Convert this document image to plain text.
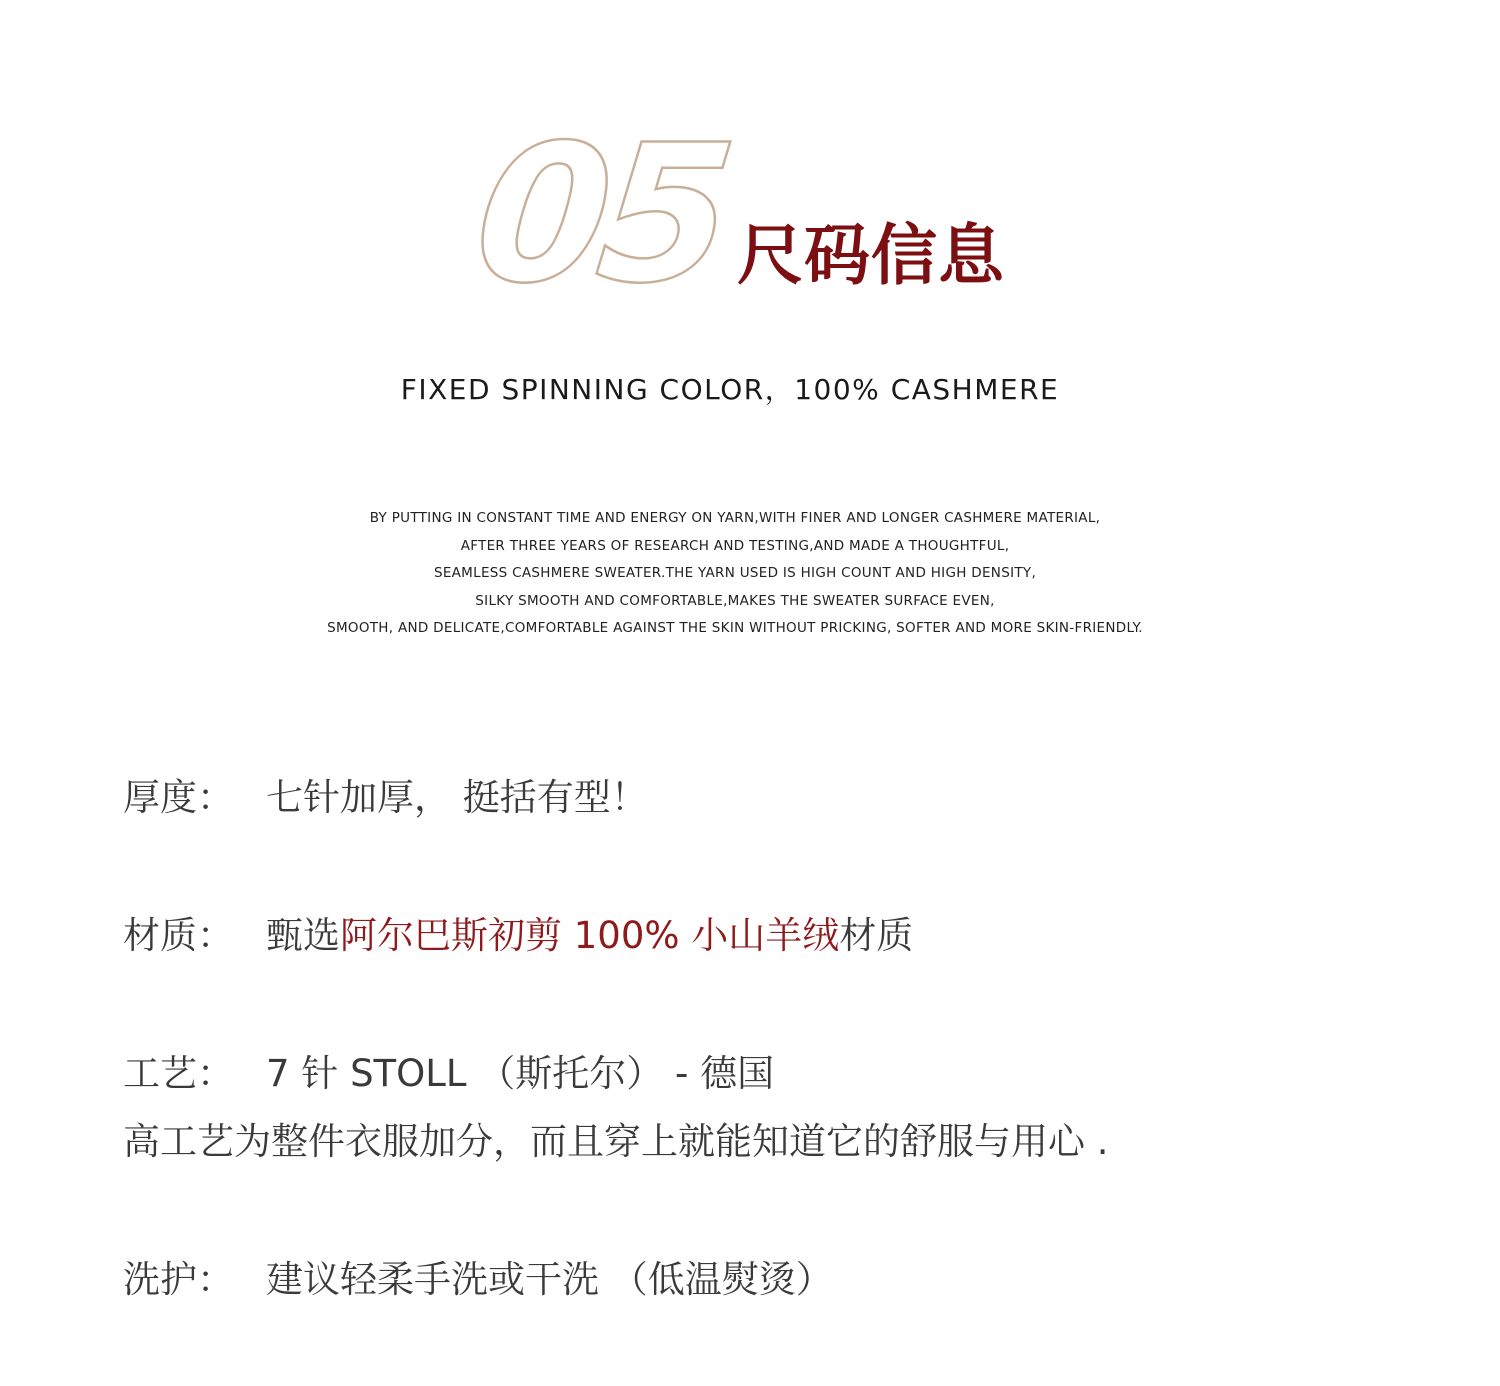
05 尺码信息
FIXED SPINNING COLOR，100% CASHMERE
BY PUTTING IN CONSTANT TIME AND ENERGY ON YARN,WITH FINER AND LONGER CASHMERE MATERIAL,
AFTER THREE YEARS OF RESEARCH AND TESTING,AND MADE A THOUGHTFUL,
SEAMLESS CASHMERE SWEATER.THE YARN USED IS HIGH COUNT AND HIGH DENSITY,
SILKY SMOOTH AND COMFORTABLE,MAKES THE SWEATER SURFACE EVEN,
SMOOTH, AND DELICATE,COMFORTABLE AGAINST THE SKIN WITHOUT PRICKING, SOFTER AND MORE SKIN-FRIENDLY.
厚度： 七针加厚， 挺括有型！
材质： 甄选阿尔巴斯初剪 100% 小山羊绒材质
工艺： 7 针 STOLL （斯托尔） - 德国
高工艺为整件衣服加分，而且穿上就能知道它的舒服与用心 .
洗护： 建议轻柔手洗或干洗 （低温熨烫）
